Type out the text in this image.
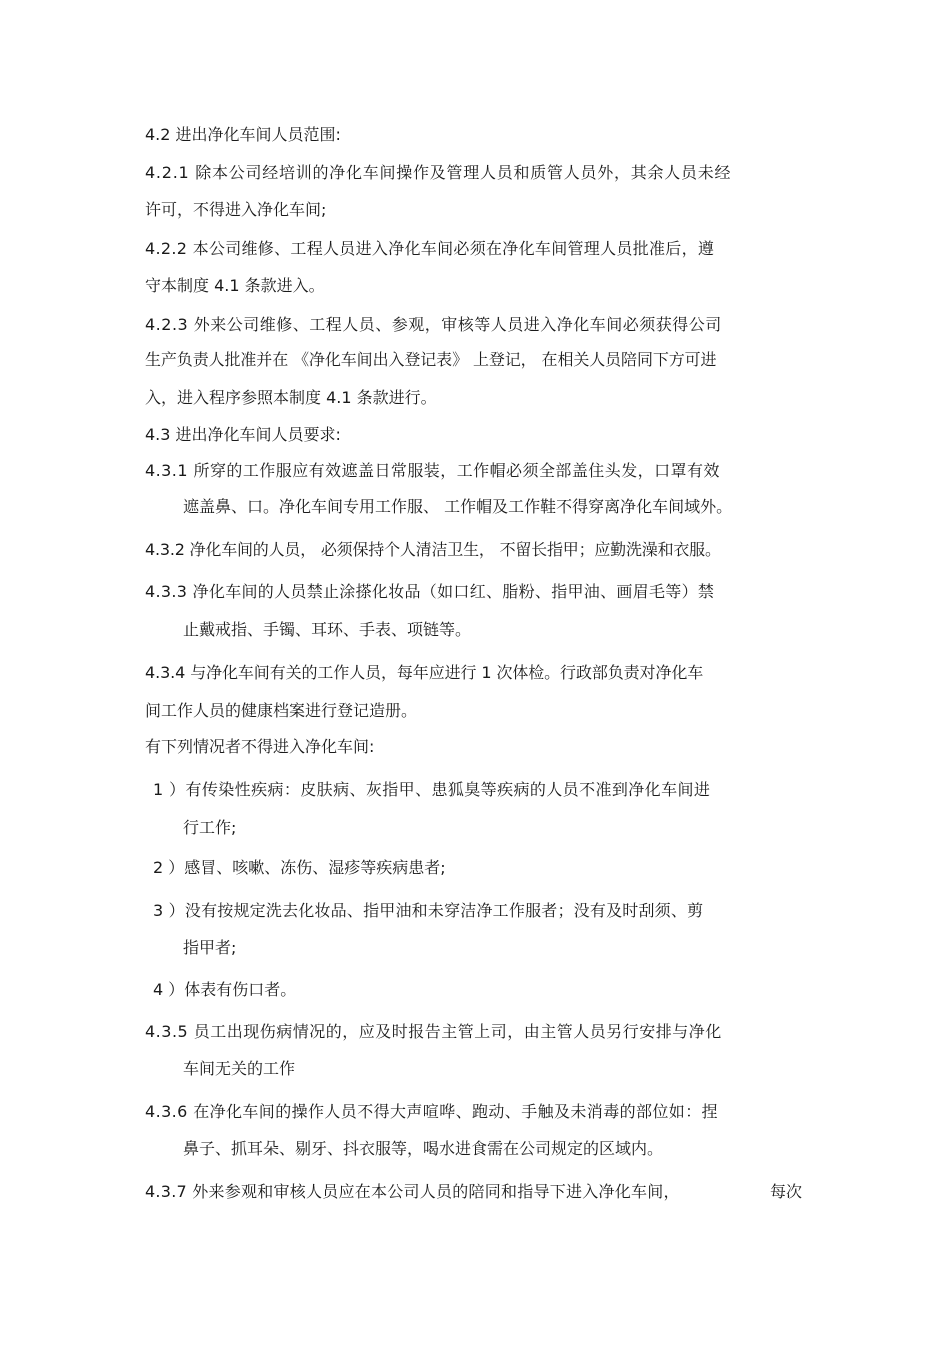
4.2 进出净化车间人员范围:
4.2.1 除本公司经培训的净化车间操作及管理人员和质管人员外，其余人员未经
许可，不得进入净化车间;
4.2.2 本公司维修、工程人员进入净化车间必须在净化车间管理人员批准后，遵
守本制度 4.1 条款进入。
4.2.3 外来公司维修、工程人员、参观，审核等人员进入净化车间必须获得公司
生产负责人批准并在 《净化车间出入登记表》 上登记， 在相关人员陪同下方可进
入，进入程序参照本制度 4.1 条款进行。
4.3 进出净化车间人员要求:
4.3.1 所穿的工作服应有效遮盖日常服装，工作帽必须全部盖住头发，口罩有效
遮盖鼻、口。净化车间专用工作服、 工作帽及工作鞋不得穿离净化车间域外。
4.3.2 净化车间的人员， 必须保持个人清洁卫生， 不留长指甲；应勤洗澡和衣服。
4.3.3 净化车间的人员禁止涂搽化妆品（如口红、脂粉、指甲油、画眉毛等）禁
止戴戒指、手镯、耳环、手表、项链等。
4.3.4 与净化车间有关的工作人员，每年应进行 1 次体检。行政部负责对净化车
间工作人员的健康档案进行登记造册。
有下列情况者不得进入净化车间:
1 ）有传染性疾病：皮肤病、灰指甲、患狐臭等疾病的人员不准到净化车间进
行工作;
2 ）感冒、咳嗽、冻伤、湿疹等疾病患者;
3 ）没有按规定洗去化妆品、指甲油和未穿洁净工作服者；没有及时刮须、剪
指甲者;
4 ）体表有伤口者。
4.3.5 员工出现伤病情况的，应及时报告主管上司，由主管人员另行安排与净化
车间无关的工作
4.3.6 在净化车间的操作人员不得大声喧哗、跑动、手触及未消毒的部位如：捏
鼻子、抓耳朵、剔牙、抖衣服等，喝水进食需在公司规定的区域内。
4.3.7 外来参观和审核人员应在本公司人员的陪同和指导下进入净化车间，	每次
